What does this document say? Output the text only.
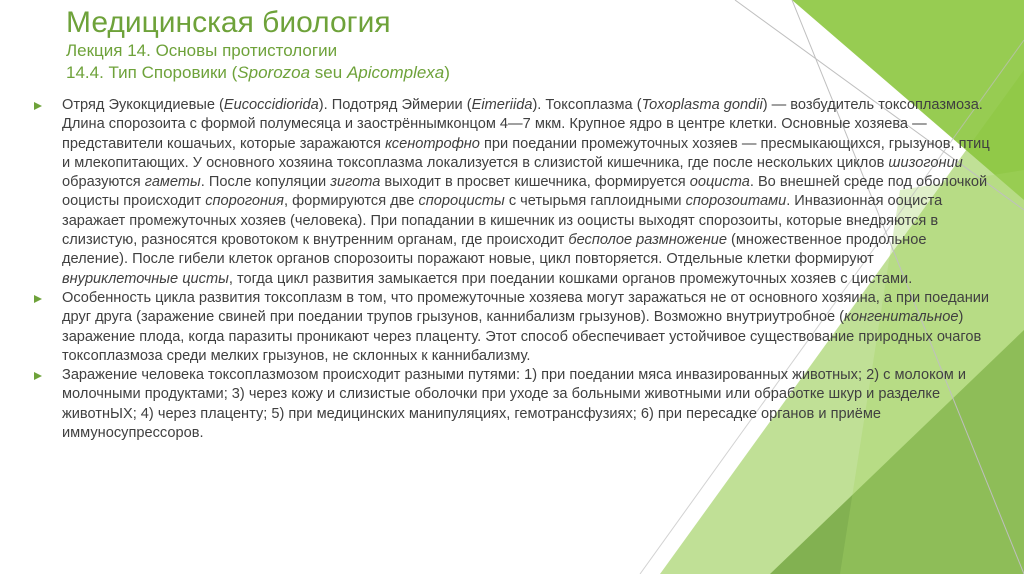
Медицинская биология
Лекция 14. Основы протистологии
14.4. Тип Споровики (Sporozoa seu Apicomplexa)
Отряд Эукокцидиевые (Eucoccidiorida). Подотряд Эймерии (Eimeriida). Токсоплазма (Toxoplasma gondii) — возбудитель токсоплазмоза. Длина спорозоита с формой полумесяца и заострённымконцом 4—7 мкм. Крупное ядро в центре клетки. Основные хозяева — представители кошачьих, которые заражаются ксенотрофно при поедании промежуточных хозяев — пресмыкающихся, грызунов, птиц и млекопитающих. У основного хозяина токсоплазма локализуется в слизистой кишечника, где после нескольких циклов шизогонии образуются гаметы. После копуляции зигота выходит в просвет кишечника, формируется ооциста. Во внешней среде под оболочкой ооцисты происходит спорогония, формируются две спороцисты с четырьмя гаплоидными спорозоитами. Инвазионная ооциста заражает промежуточных хозяев (человека). При попадании в кишечник из ооцисты выходят спорозоиты, которые внедряются в слизистую, разносятся кровотоком к внутренним органам, где происходит бесполое размножение (множественное продольное деление). После гибели клеток органов спорозоиты поражают новые, цикл повторяется. Отдельные клетки формируют внуриклеточные цисты, тогда цикл развития замыкается при поедании кошками органов промежуточных хозяев с цистами.
Особенность цикла развития токсоплазм в том, что промежуточные хозяева могут заражаться не от основного хозяина, а при поедании друг друга (заражение свиней при поедании трупов грызунов, каннибализм грызунов). Возможно внутриутробное (конгенитальное) заражение плода, когда паразиты проникают через плаценту. Этот способ обеспечивает устойчивое существование природных очагов токсоплазмоза среди мелких грызунов, не склонных к каннибализму.
Заражение человека токсоплазмозом происходит разными путями: 1) при поедании мяса инвазированных животных; 2) с молоком и молочными продуктами; 3) через кожу и слизистые оболочки при уходе за больными животными или обработке шкур и разделке животнЫХ; 4) через плаценту; 5) при медицинских манипуляциях, гемотрансфузиях; 6) при пересадке органов и приёме иммуносупрессоров.
